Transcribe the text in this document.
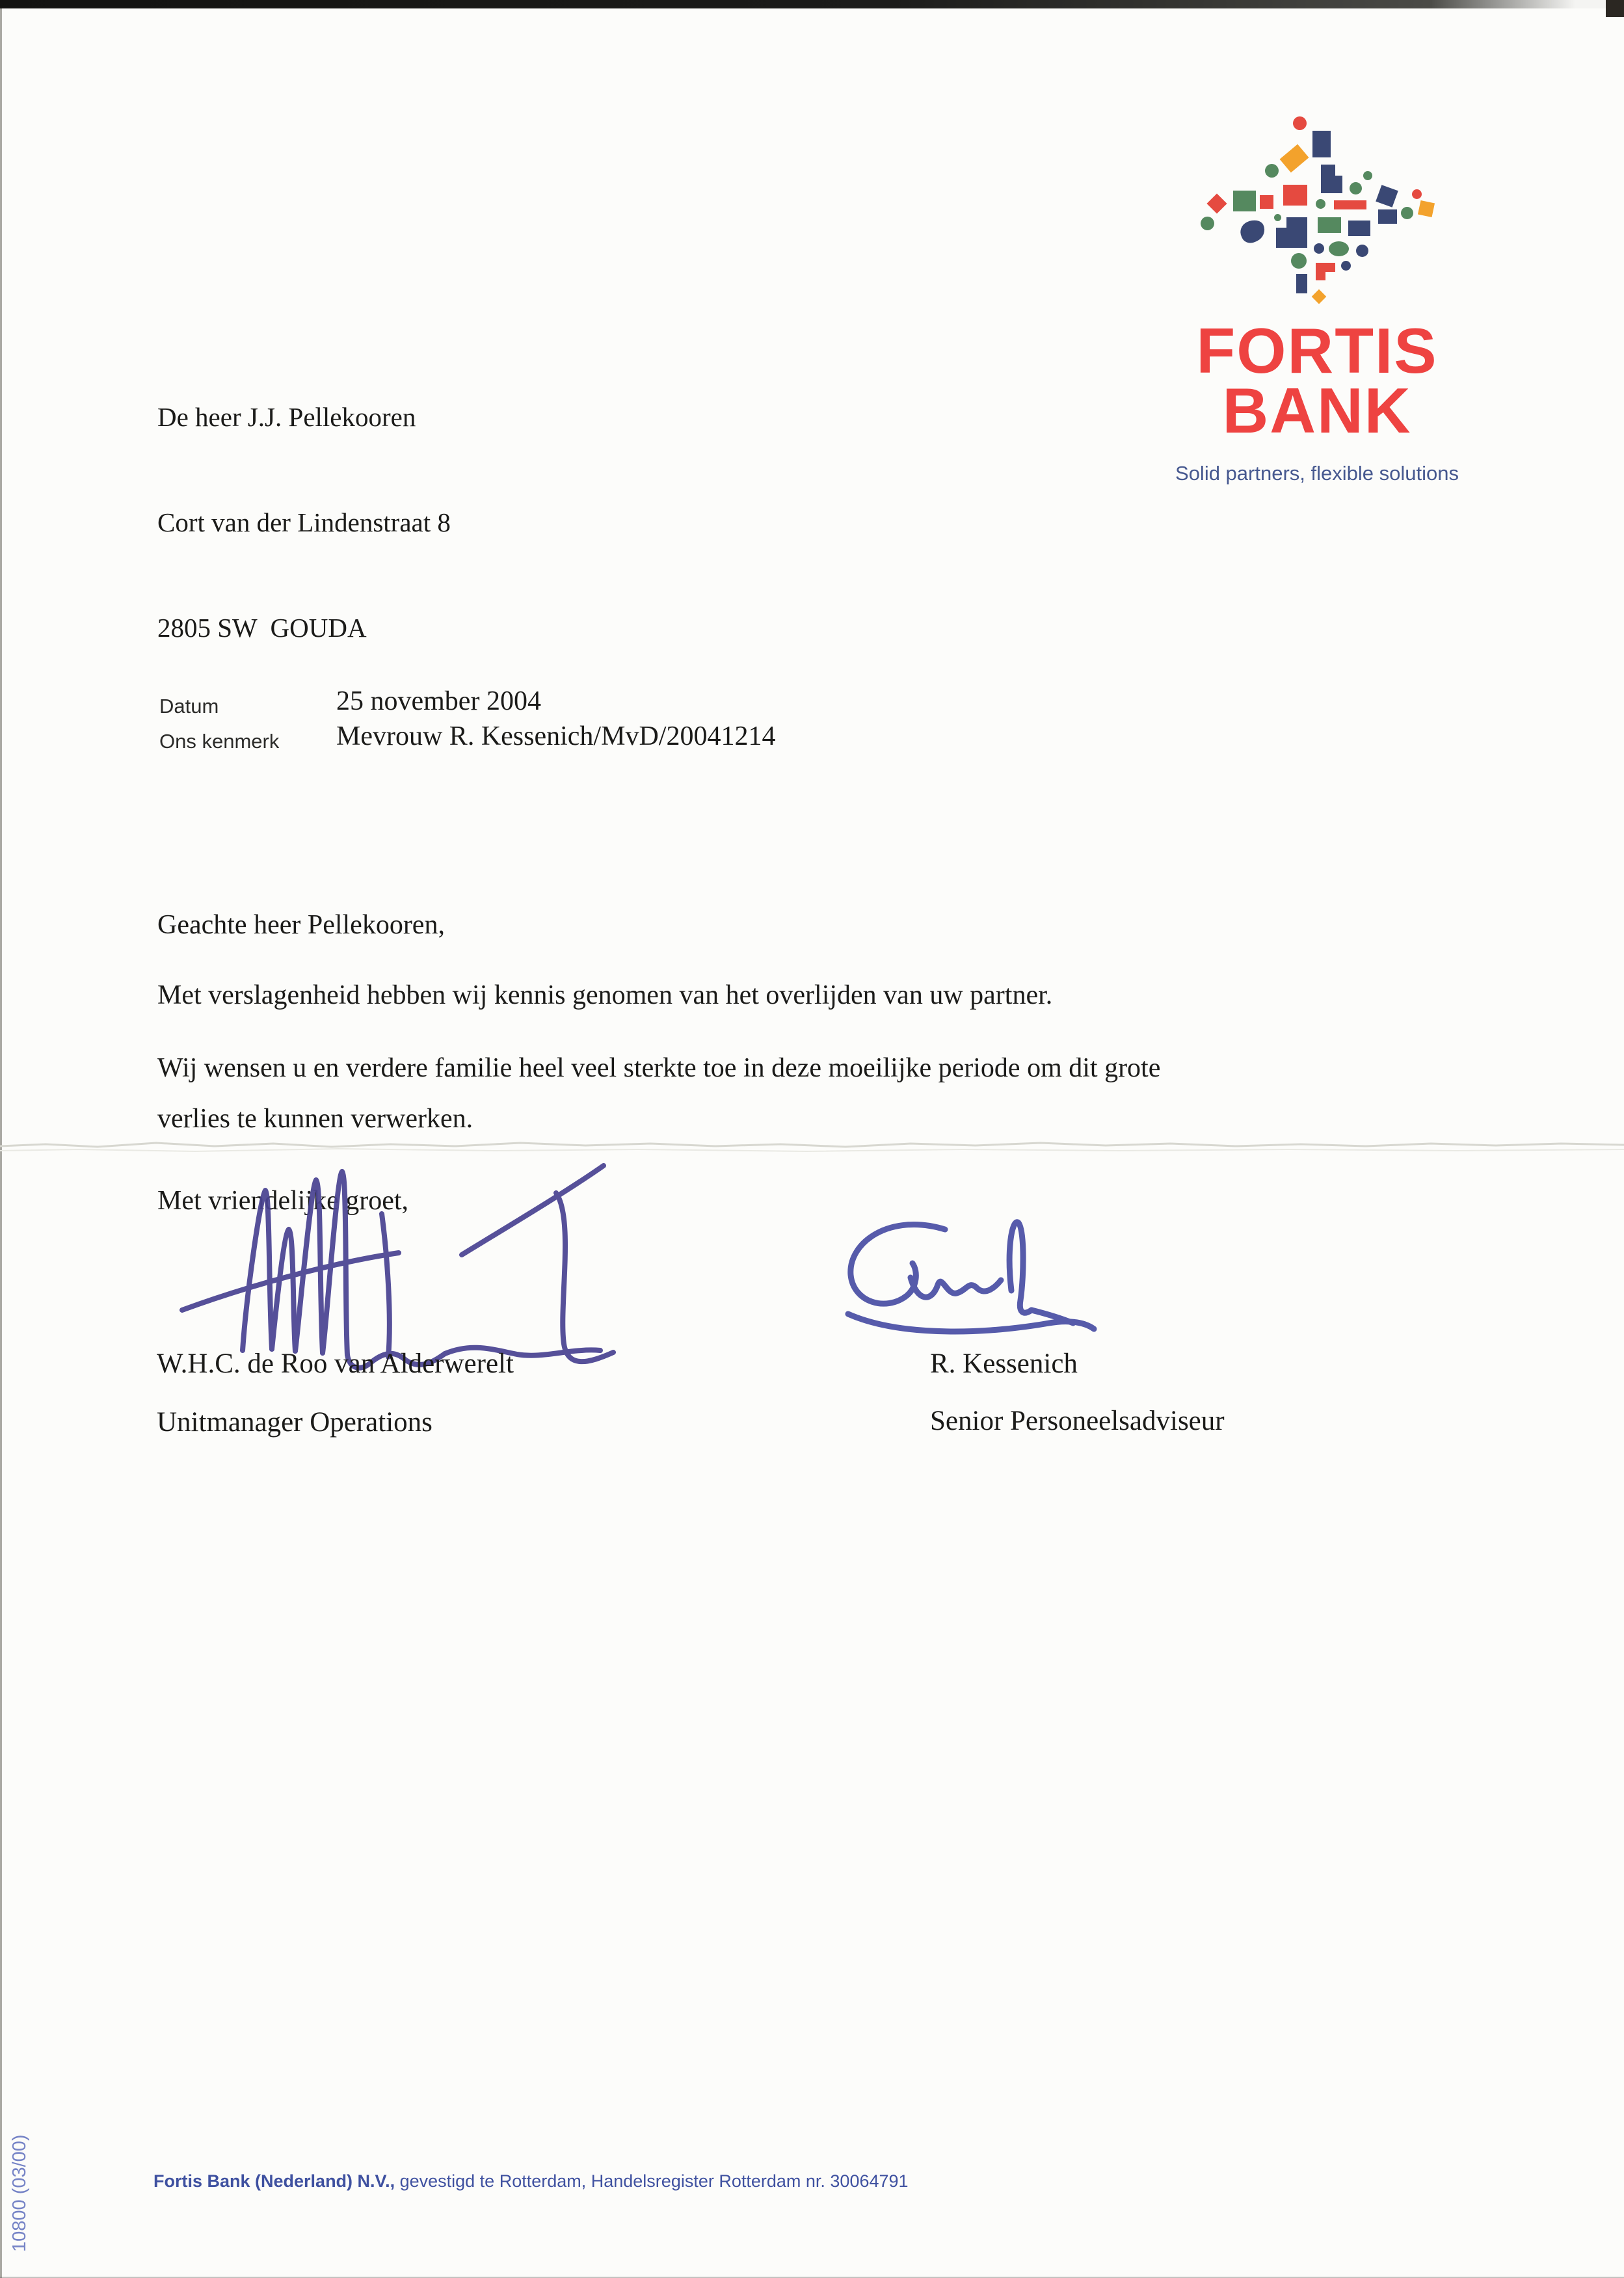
De heer J.J. Pellekooren

Cort van der Lindenstraat 8

2805 SW  GOUDA

FORTIS
BANK
Solid partners, flexible solutions
Datum	25 november 2004
Ons kenmerk Mevrouw R. Kessenich/MvD/20041214
Geachte heer Pellekooren,
Met verslagenheid hebben wij kennis genomen van het overlijden van uw partner.
Wij wensen u en verdere familie heel veel sterkte toe in deze moeilijke periode om dit grote
verlies te kunnen verwerken.
Met vriendelijke groet,
W.H.C. de Roo van Alderwerelt
Unitmanager Operations
R. Kessenich
Senior Personeelsadviseur
Fortis Bank (Nederland) N.V., gevestigd te Rotterdam, Handelsregister Rotterdam nr. 30064791
10800 (03/00)
